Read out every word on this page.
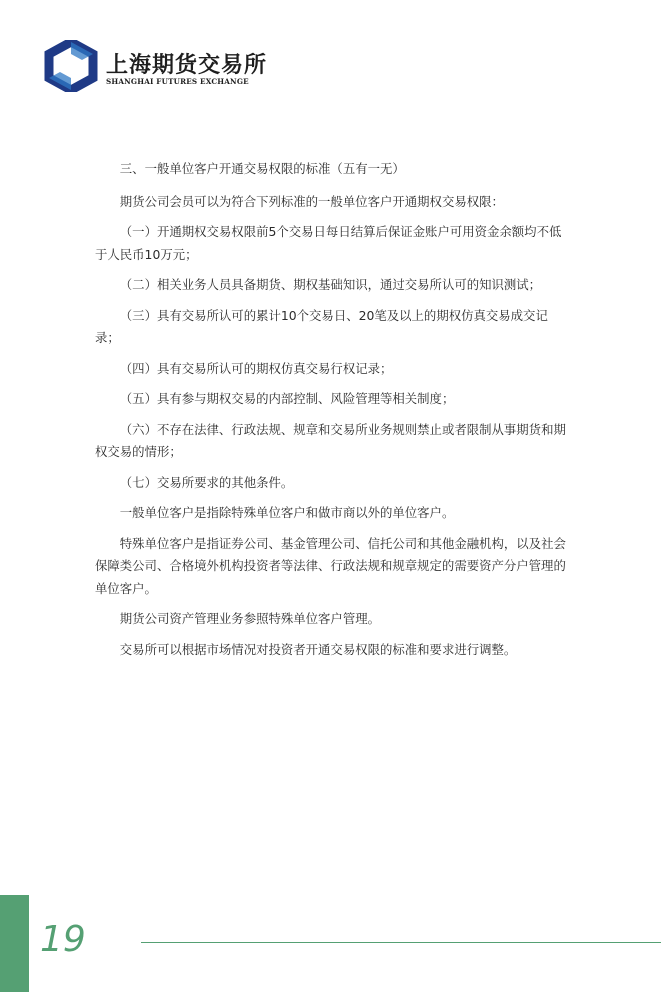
上海期货交易所
SHANGHAI FUTURES EXCHANGE

三、一般单位客户开通交易权限的标准（五有一无）

期货公司会员可以为符合下列标准的一般单位客户开通期权交易权限：

（一）开通期权交易权限前5个交易日每日结算后保证金账户可用资金余额均不低于人民币10万元；

（二）相关业务人员具备期货、期权基础知识，通过交易所认可的知识测试；

（三）具有交易所认可的累计10个交易日、20笔及以上的期权仿真交易成交记录；

（四）具有交易所认可的期权仿真交易行权记录；

（五）具有参与期权交易的内部控制、风险管理等相关制度；

（六）不存在法律、行政法规、规章和交易所业务规则禁止或者限制从事期货和期权交易的情形；

（七）交易所要求的其他条件。

一般单位客户是指除特殊单位客户和做市商以外的单位客户。

特殊单位客户是指证券公司、基金管理公司、信托公司和其他金融机构，以及社会保障类公司、合格境外机构投资者等法律、行政法规和规章规定的需要资产分户管理的单位客户。

期货公司资产管理业务参照特殊单位客户管理。

交易所可以根据市场情况对投资者开通交易权限的标准和要求进行调整。

19
